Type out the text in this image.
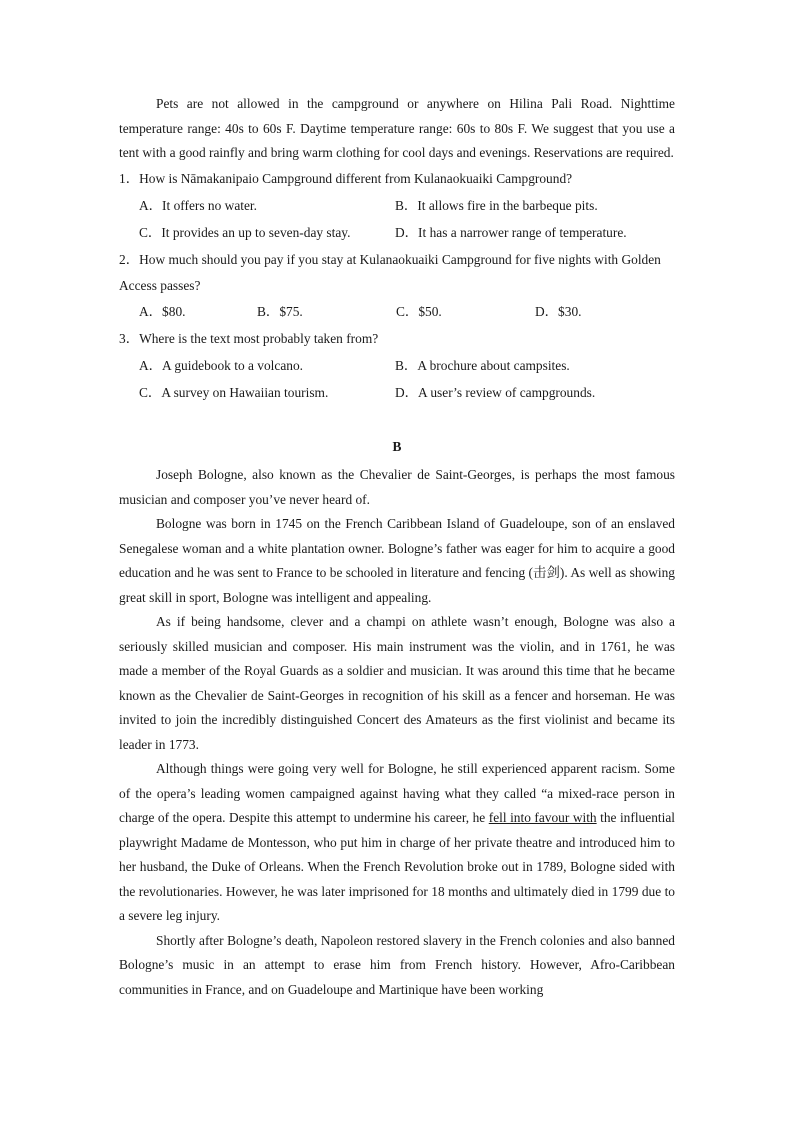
Pets are not allowed in the campground or anywhere on Hilina Pali Road. Nighttime temperature range: 40s to 60s F. Daytime temperature range: 60s to 80s F. We suggest that you use a tent with a good rainfly and bring warm clothing for cool days and evenings. Reservations are required.

1． How is Nāmakanipaio Campground different from Kulanaokuaiki Campground?
A．It offers no water.	B．It allows fire in the barbeque pits.
C．It provides an up to seven-day stay.	D．It has a narrower range of temperature.
2．How much should you pay if you stay at Kulanaokuaiki Campground for five nights with Golden Access passes?
A．$80.	B．$75.	C．$50.	D．$30.
3． Where is the text most probably taken from?
A．A guidebook to a volcano.	B．A brochure about campsites.
C．A survey on Hawaiian tourism.	D．A user’s review of campgrounds.
B

Joseph Bologne, also known as the Chevalier de Saint-Georges, is perhaps the most famous musician and composer you’ve never heard of.

Bologne was born in 1745 on the French Caribbean Island of Guadeloupe, son of an enslaved Senegalese woman and a white plantation owner. Bologne’s father was eager for him to acquire a good education and he was sent to France to be schooled in literature and fencing (击剑). As well as showing great skill in sport, Bologne was intelligent and appealing.

As if being handsome, clever and a champi on athlete wasn’t enough, Bologne was also a seriously skilled musician and composer. His main instrument was the violin, and in 1761, he was made a member of the Royal Guards as a soldier and musician. It was around this time that he became known as the Chevalier de Saint-Georges in recognition of his skill as a fencer and horseman. He was invited to join the incredibly distinguished Concert des Amateurs as the first violinist and became its leader in 1773.

Although things were going very well for Bologne, he still experienced apparent racism. Some of the opera’s leading women campaigned against having what they called “a mixed-race person in charge of the opera. Despite this attempt to undermine his career, he fell into favour with the influential playwright Madame de Montesson, who put him in charge of her private theatre and introduced him to her husband, the Duke of Orleans. When the French Revolution broke out in 1789, Bologne sided with the revolutionaries. However, he was later imprisoned for 18 months and ultimately died in 1799 due to a severe leg injury.

Shortly after Bologne’s death, Napoleon restored slavery in the French colonies and also banned Bologne’s music in an attempt to erase him from French history. However, Afro-Caribbean communities in France, and on Guadeloupe and Martinique have been working
